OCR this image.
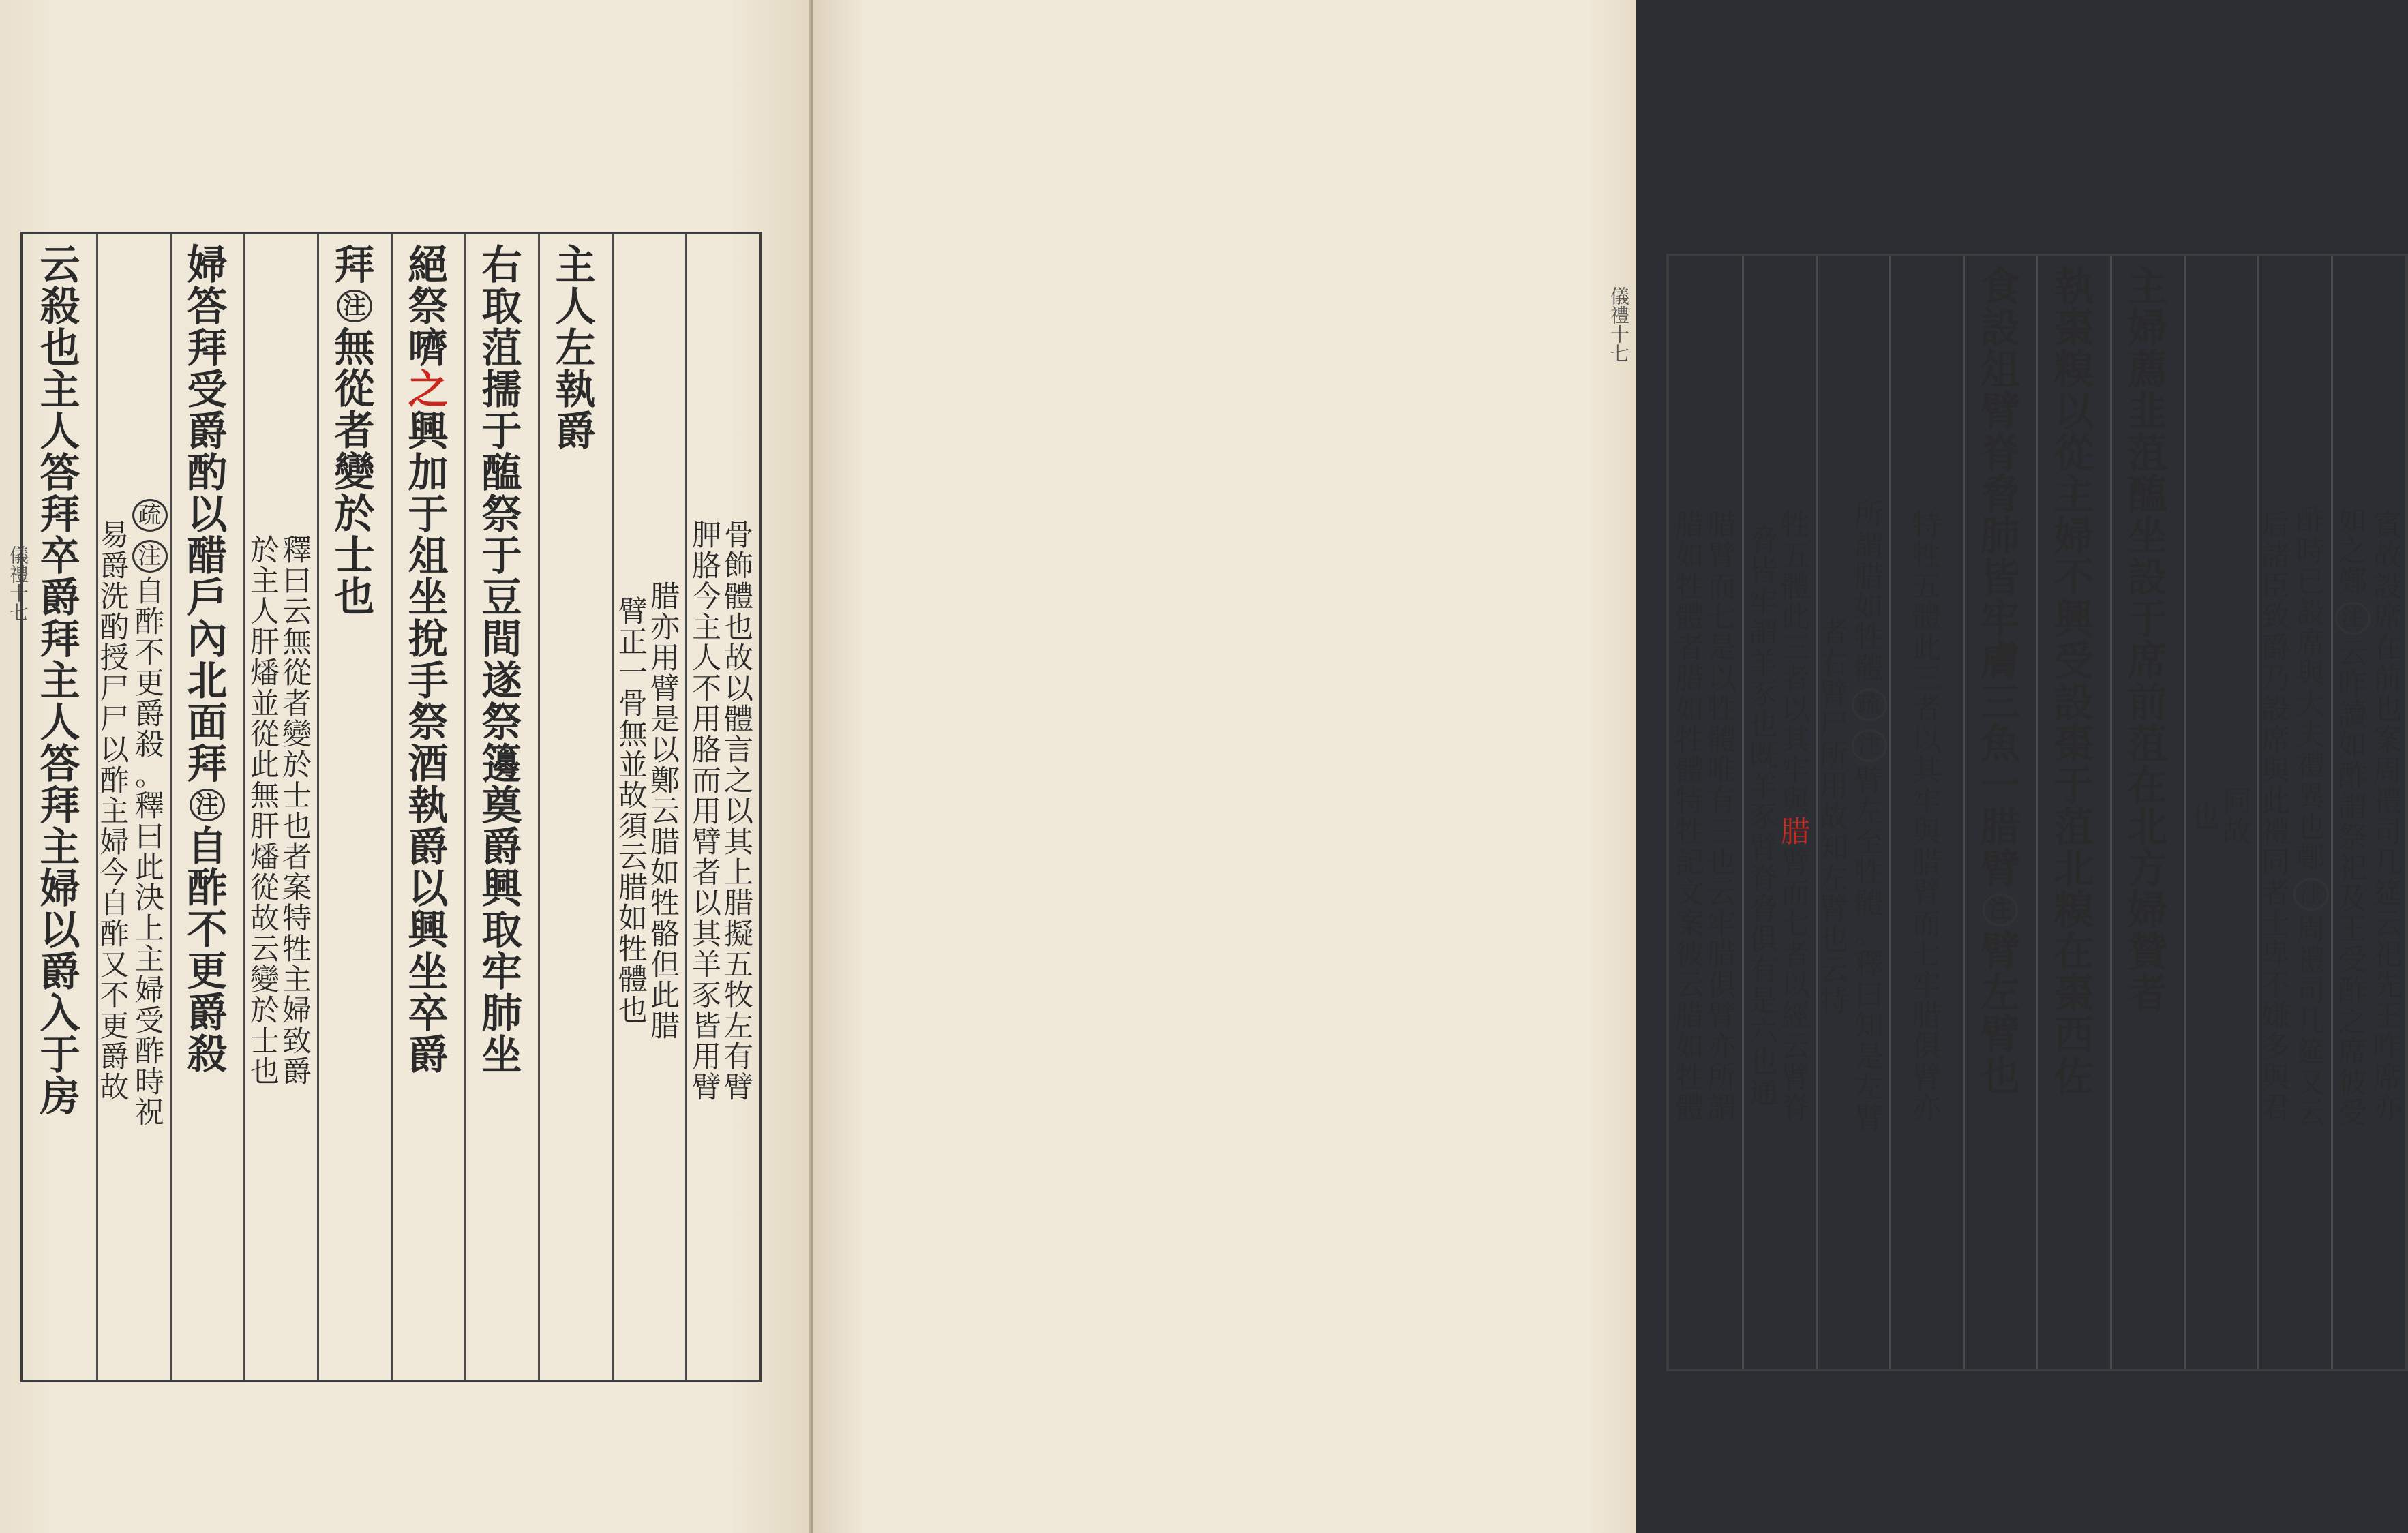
儀禮十七
胛
胳
今
主
人
不
用
胳
而
用
臂
者
以
其
羊
豕
皆
用
臂
骨
飾
體
也
故
以
體
言
之
以
其
上
腊
擬
五
牧
左
有
臂
臂
正
一
骨
無
並
故
須
云
腊
如
牲
體
也
腊
亦
用
臂
是
以
鄭
云
腊
如
牲
骼
但
此
腊
主
人
左
執
爵
右
取
菹
擩
于
醢
祭
于
豆
間
遂
祭
籩
奠
爵
興
取
牢
肺
坐
絕
祭
嚌
之
興
加
于
俎
坐
挩
手
祭
酒
執
爵
以
興
坐
卒
爵
拜
注
無
從
者
變
於
士
也
於
主
人
肝
燔
並
從
此
無
肝
燔
從
故
云
變
於
士
也
釋
曰
云
無
從
者
變
於
士
也
者
案
特
牲
主
婦
致
爵
婦
答
拜
受
爵
酌
以
醋
戶
內
北
面
拜
注
自
酢
不
更
爵
殺
易
爵
洗
酌
授
尸
尸
以
酢
主
婦
今
自
酢
又
不
更
爵
故
疏
注
自
酢
不
更
爵
殺
。
釋
曰
此
決
上
主
婦
受
酢
時
祝
云
殺
也
主
人
答
拜
卒
爵
拜
主
人
答
拜
主
婦
以
爵
入
于
房
儀禮十七
如
之
鄭
注
云
昨
讀
如
酢
謂
祭
祀
及
王
受
酢
之
席
彼
受
賓
故
設
席
在
前
也
案
周
禮
司
几
筵
云
祀
先
王
昨
席
亦
后
諸
臣
致
爵
乃
設
席
與
此
禮
同
者
士
卑
不
嫌
多
與
君
酢
時
已
設
席
與
大
夫
禮
異
也
鄭
注
周
禮
司
几
筵
又
云
也 同
故
主
婦
薦
韭
菹
醢
坐
設
于
席
前
菹
在
北
方
婦
贊
者
執
棗
糗
以
從
主
婦
不
興
受
設
棗
于
菹
北
糗
在
棗
西
佐
食
設
俎
臂
脊
脅
肺
皆
牢
膚
三
魚
一
腊
臂
注
臂
左
臂
也
特
牲
五
體
此
三
者
以
其
牢
與
腊
臂
而
七
牢
腊
俱
臂
亦
者
右
臂
尸
所
用
故
知
左
臂
也
云
特
所
謂
腊
如
牲
體
疏
注
臂
左
至
牲
體
。
釋
曰
知
是
左
臂
脅
皆
牢
謂
羊
豕
也
既
羊
豕
臂
脊
脅
俱
有
是
六
也
通
牲
五
體
此
三
者
以
其
牢
與
腊
臂
而
七
者
以
經
云
臂
脊
腊
如
牲
體
者
腊
如
牲
體
特
牲
記
文
案
彼
云
腊
如
牲
體
腊
臂
而
七
是
以
牲
體
唯
有
三
也
云
牢
腊
俱
臂
亦
所
謂
